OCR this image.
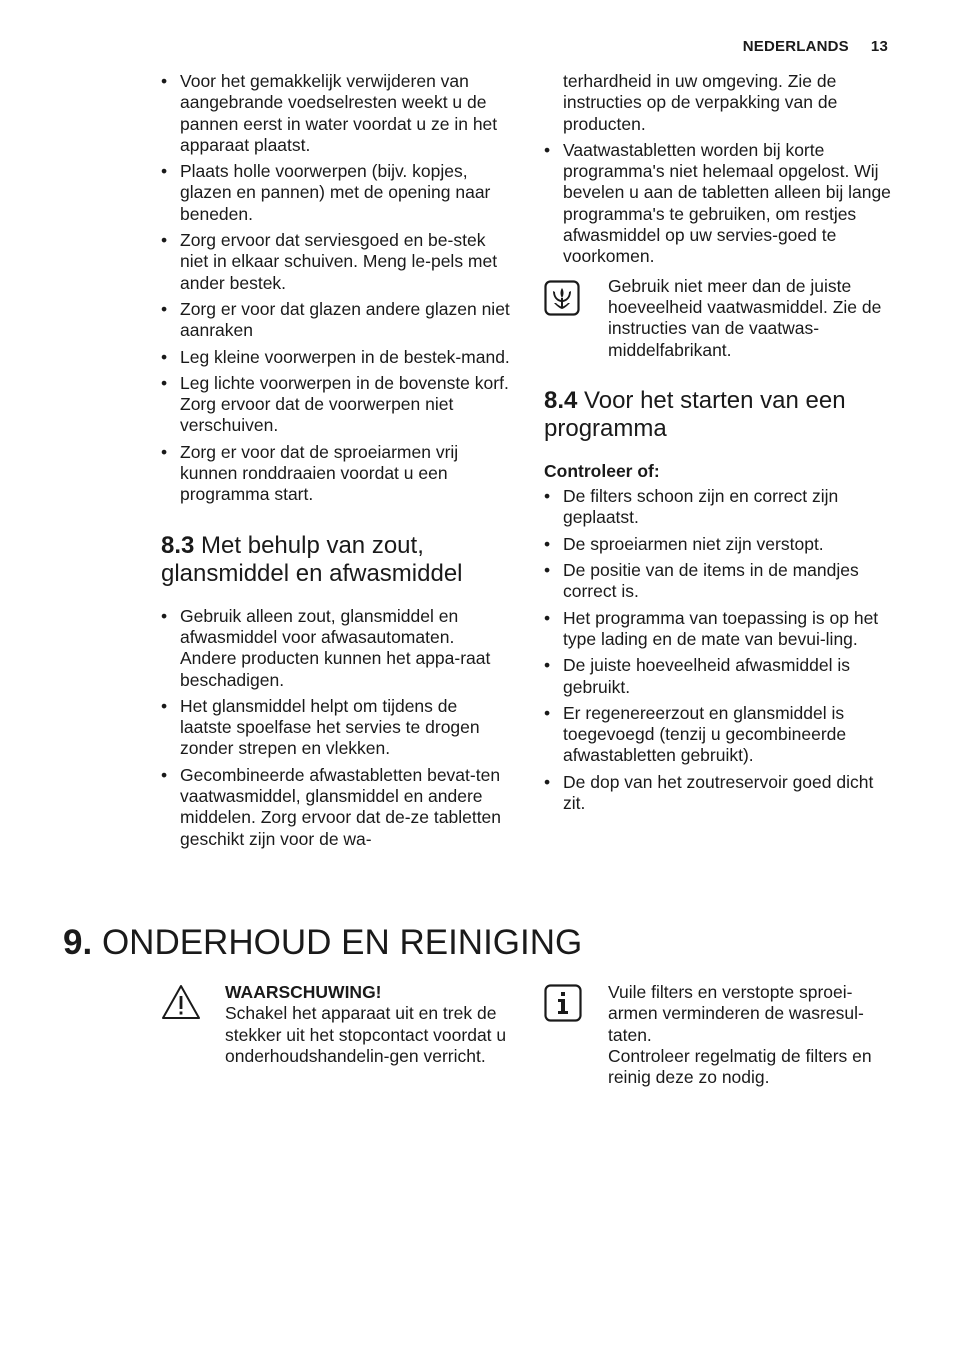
NEDERLANDS 13
• Voor het gemakkelijk verwijderen van aangebrande voedselresten weekt u de pannen eerst in water voordat u ze in het apparaat plaatst.
• Plaats holle voorwerpen (bijv. kopjes, glazen en pannen) met de opening naar beneden.
• Zorg ervoor dat serviesgoed en be-stek niet in elkaar schuiven. Meng le-pels met ander bestek.
• Zorg er voor dat glazen andere glazen niet aanraken
• Leg kleine voorwerpen in de bestek-mand.
• Leg lichte voorwerpen in de bovenste korf. Zorg ervoor dat de voorwerpen niet verschuiven.
• Zorg er voor dat de sproeiarmen vrij kunnen ronddraaien voordat u een programma start.
8.3 Met behulp van zout, glansmiddel en afwasmiddel
• Gebruik alleen zout, glansmiddel en afwasmiddel voor afwasautomaten. Andere producten kunnen het appa-raat beschadigen.
• Het glansmiddel helpt om tijdens de laatste spoelfase het servies te drogen zonder strepen en vlekken.
• Gecombineerde afwastabletten bevat-ten vaatwasmiddel, glansmiddel en andere middelen. Zorg ervoor dat de-ze tabletten geschikt zijn voor de wa-
terhardheid in uw omgeving. Zie de instructies op de verpakking van de producten.
• Vaatwastabletten worden bij korte programma's niet helemaal opgelost. Wij bevelen u aan de tabletten alleen bij lange programma's te gebruiken, om restjes afwasmiddel op uw servies-goed te voorkomen.
Gebruik niet meer dan de juiste hoeveelheid vaatwasmiddel. Zie de instructies van de vaatwas-middelfabrikant.
8.4 Voor het starten van een programma
Controleer of:
• De filters schoon zijn en correct zijn geplaatst.
• De sproeiarmen niet zijn verstopt.
• De positie van de items in de mandjes correct is.
• Het programma van toepassing is op het type lading en de mate van bevui-ling.
• De juiste hoeveelheid afwasmiddel is gebruikt.
• Er regenereerzout en glansmiddel is toegevoegd (tenzij u gecombineerde afwastabletten gebruikt).
• De dop van het zoutreservoir goed dicht zit.
9. ONDERHOUD EN REINIGING
WAARSCHUWING!
Schakel het apparaat uit en trek de stekker uit het stopcontact voordat u onderhoudshandelin-gen verricht.
Vuile filters en verstopte sproei-armen verminderen de wasresul-taten.
Controleer regelmatig de filters en reinig deze zo nodig.
